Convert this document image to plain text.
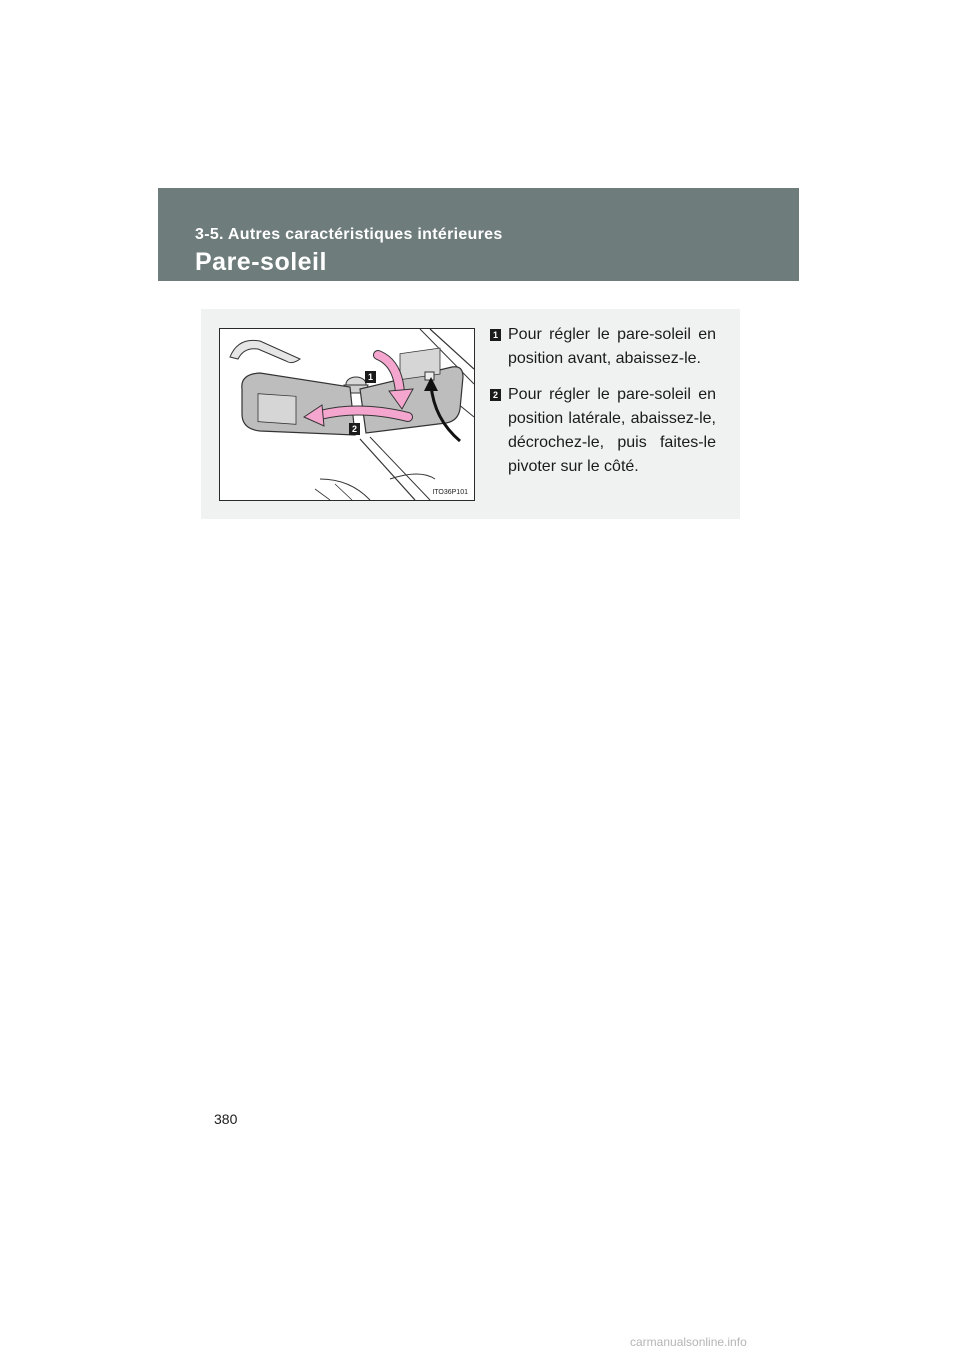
3-5. Autres caractéristiques intérieures
Pare-soleil
1
2
ITO36P101
1 Pour régler le pare-soleil en position avant, abaissez-le.
2 Pour régler le pare-soleil en position latérale, abaissez-le, décrochez-le, puis faites-le pivoter sur le côté.
380
carmanualsonline.info
